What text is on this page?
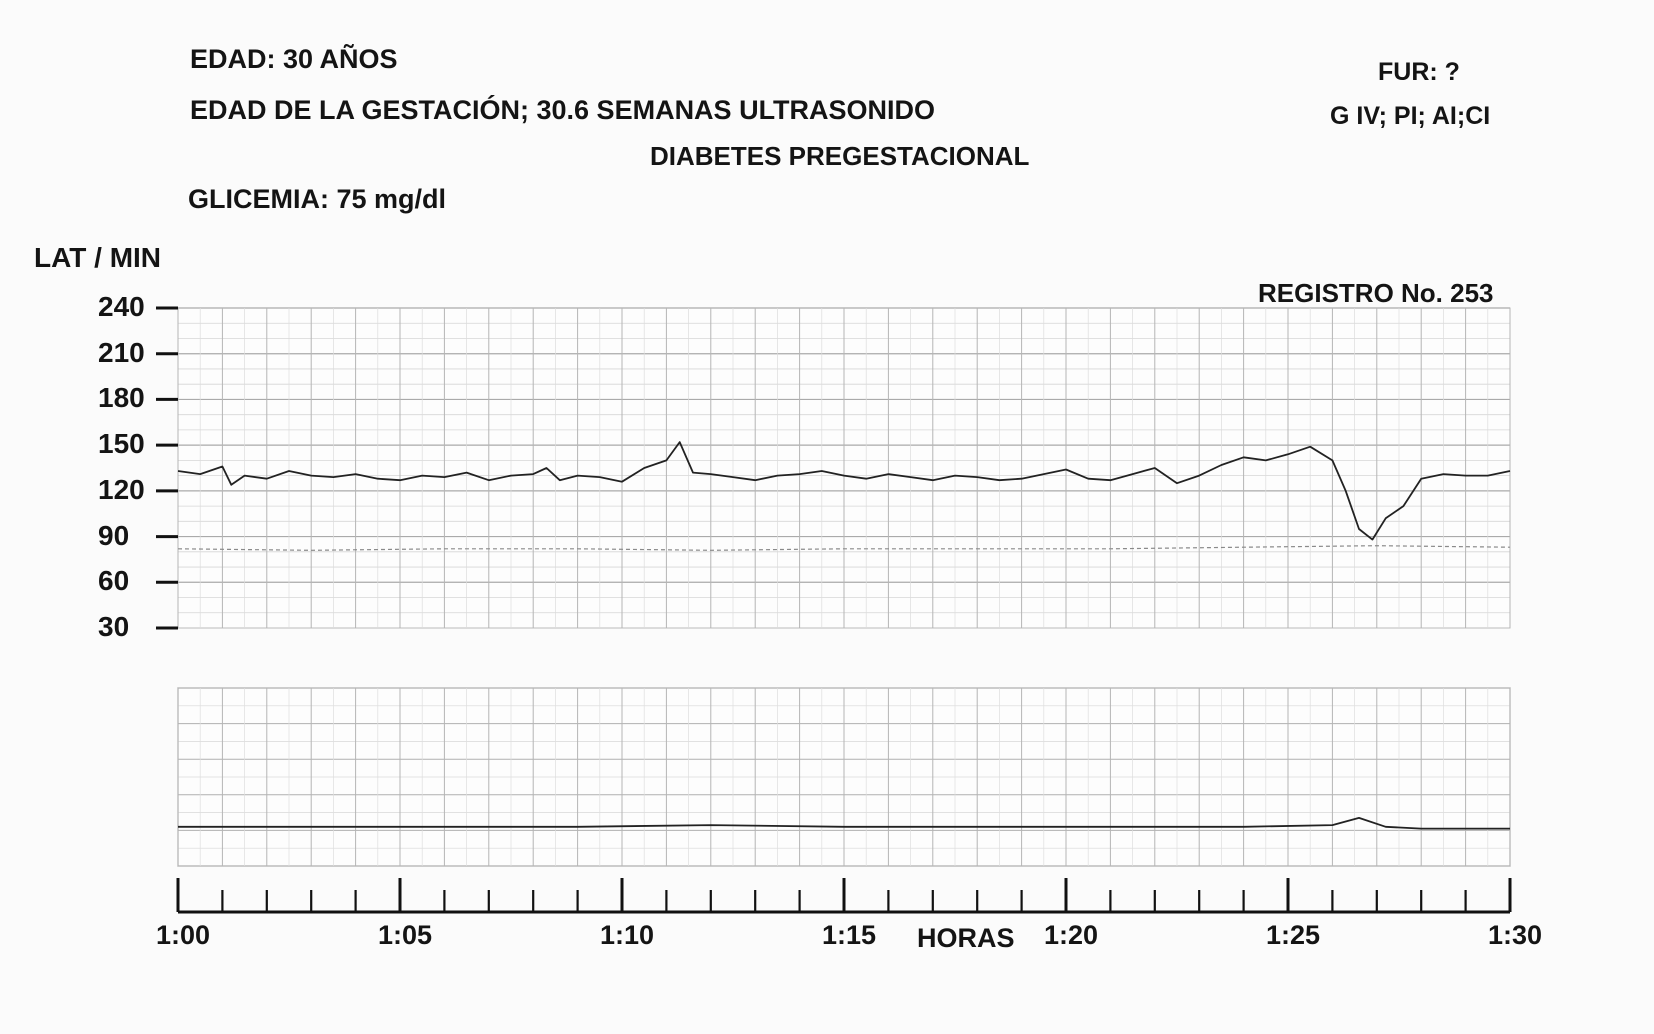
EDAD: 30 AÑOS
EDAD DE LA GESTACIÓN; 30.6 SEMANAS ULTRASONIDO
DIABETES PREGESTACIONAL
GLICEMIA: 75 mg/dl
FUR: ?
G IV; PI; AI;CI
REGISTRO No. 253
LAT / MIN
HORAS
240
210
180
150
120
90
60
30
1:00	1:05	1:10	1:15	1:20	1:25	1:30
